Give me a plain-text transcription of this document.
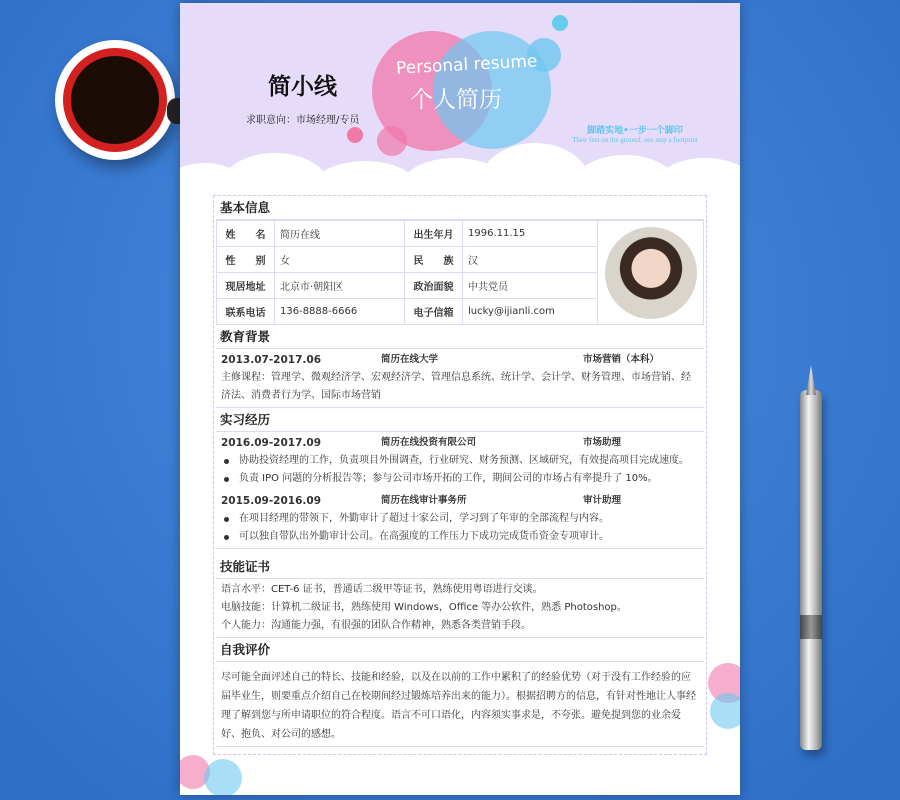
简小线
求职意向：市场经理/专员
Personal resume
个人简历
脚踏实地•一步一个脚印
Their feet on the ground, one step a footprint
基本信息
姓　　名	简历在线	出生年月	1996.11.15	

性　　别	女	民　　族	汉	
现居地址	北京市·朝阳区	政治面貌	中共党员	
联系电话	136-8888-6666	电子信箱	lucky@ijianli.com	
教育背景
2013.07-2017.06	简历在线大学	市场营销（本科）
主修课程：管理学、微观经济学、宏观经济学、管理信息系统、统计学、会计学、财务管理、市场营销、经济法、消费者行为学、国际市场营销
实习经历
2016.09-2017.09	简历在线投资有限公司	市场助理
协助投资经理的工作，负责项目外围调查，行业研究、财务预测、区域研究，有效提高项目完成速度。
负责 IPO 问题的分析报告等；参与公司市场开拓的工作，期间公司的市场占有率提升了 10%。
2015.09-2016.09	简历在线审计事务所	审计助理
在项目经理的带领下，外勤审计了超过十家公司，学习到了年审的全部流程与内容。
可以独自带队出外勤审计公司。在高强度的工作压力下成功完成货币资金专项审计。
技能证书
语言水平：CET-6 证书，普通话二级甲等证书，熟练使用粤语进行交谈。
电脑技能：计算机二级证书，熟练使用 Windows，Office 等办公软件，熟悉 Photoshop。
个人能力：沟通能力强，有很强的团队合作精神，熟悉各类营销手段。
自我评价
尽可能全面评述自己的特长、技能和经验，以及在以前的工作中累积了的经验优势（对于没有工作经验的应届毕业生，则要重点介绍自己在校期间经过锻炼培养出来的能力）。根据招聘方的信息，有针对性地让人事经理了解到您与所申请职位的符合程度。语言不可口语化，内容须实事求是，不夸张。避免提到您的业余爱好、抱负、对公司的感想。
